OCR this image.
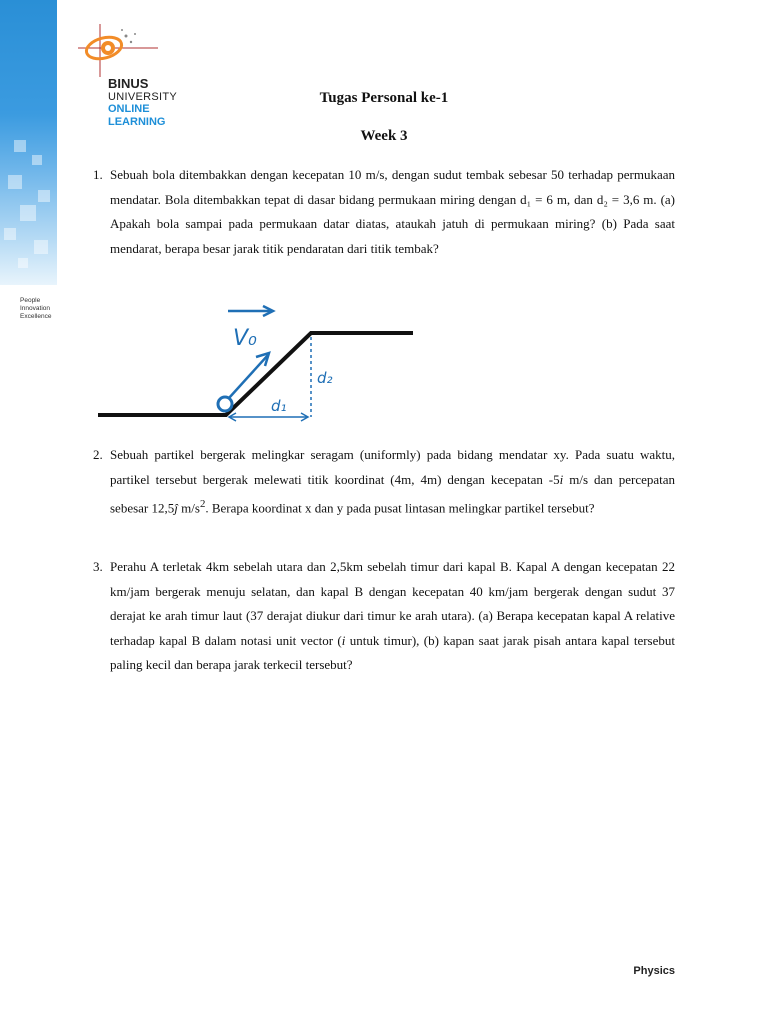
People
Innovation
Excellence
BINUS
UNIVERSITY
ONLINE
LEARNING
Tugas Personal ke-1
Week 3
1. Sebuah bola ditembakkan dengan kecepatan 10 m/s, dengan sudut tembak sebesar 50 terhadap permukaan mendatar. Bola ditembakkan tepat di dasar bidang permukaan miring dengan d₁ = 6 m, dan d₂ = 3,6 m. (a) Apakah bola sampai pada permukaan datar diatas, ataukah jatuh di permukaan miring? (b) Pada saat mendarat, berapa besar jarak titik pendaratan dari titik tembak?
V₀
d₁
d₂
2. Sebuah partikel bergerak melingkar seragam (uniformly) pada bidang mendatar xy. Pada suatu waktu, partikel tersebut bergerak melewati titik koordinat (4m, 4m) dengan kecepatan -5i m/s dan percepatan sebesar 12,5ĵ $m/s^2$. Berapa koordinat x dan y pada pusat lintasan melingkar partikel tersebut?
3. Perahu A terletak 4km sebelah utara dan 2,5km sebelah timur dari kapal B. Kapal A dengan kecepatan 22 km/jam bergerak menuju selatan, dan kapal B dengan kecepatan 40 km/jam bergerak dengan sudut 37 derajat ke arah timur laut (37 derajat diukur dari timur ke arah utara). (a) Berapa kecepatan kapal A relative terhadap kapal B dalam notasi unit vector (i untuk timur), (b) kapan saat jarak pisah antara kapal tersebut paling kecil dan berapa jarak terkecil tersebut?
Physics
